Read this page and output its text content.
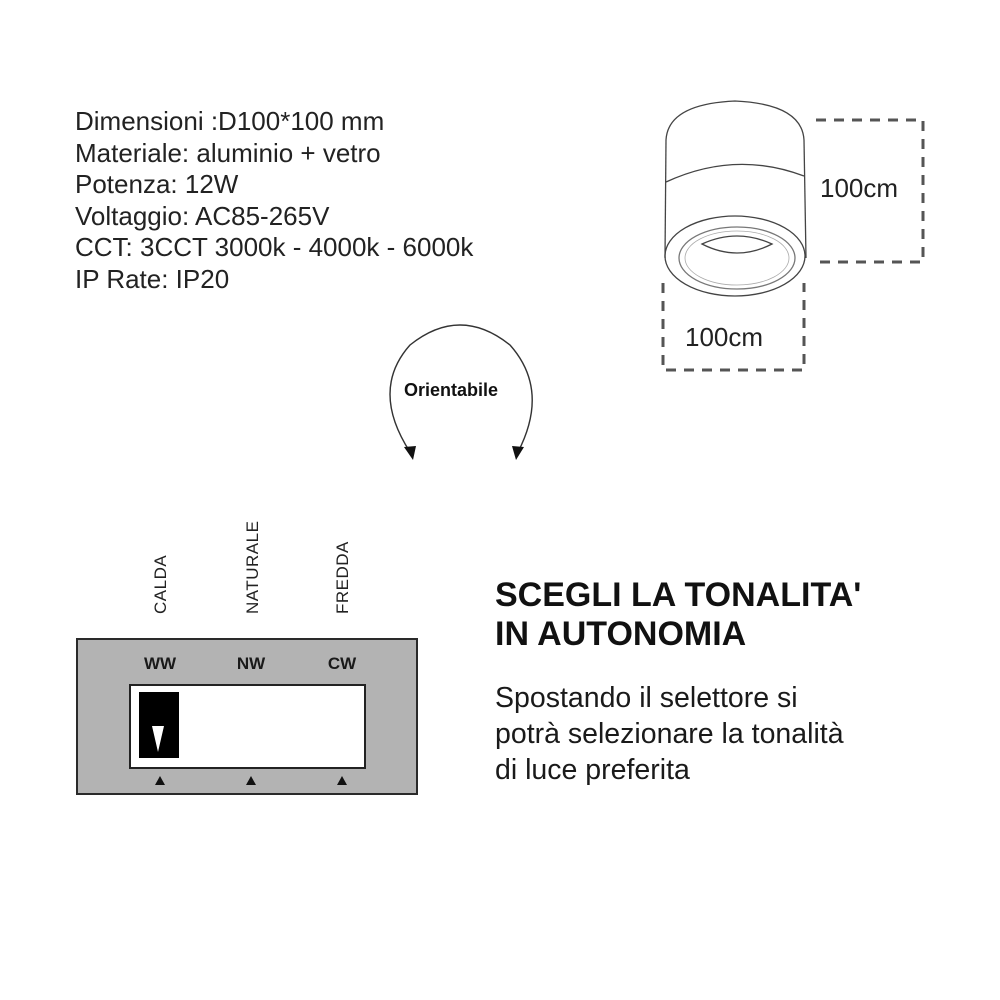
Dimensioni :D100*100 mm
Materiale: aluminio + vetro
Potenza: 12W
Voltaggio: AC85-265V
CCT: 3CCT 3000k - 4000k - 6000k
IP Rate: IP20
100cm
100cm
Orientabile
CALDA	NATURALE	FREDDA
WW	NW	CW
SCEGLI LA TONALITA'
IN AUTONOMIA
Spostando il selettore si
potrà selezionare la tonalità
di luce preferita
